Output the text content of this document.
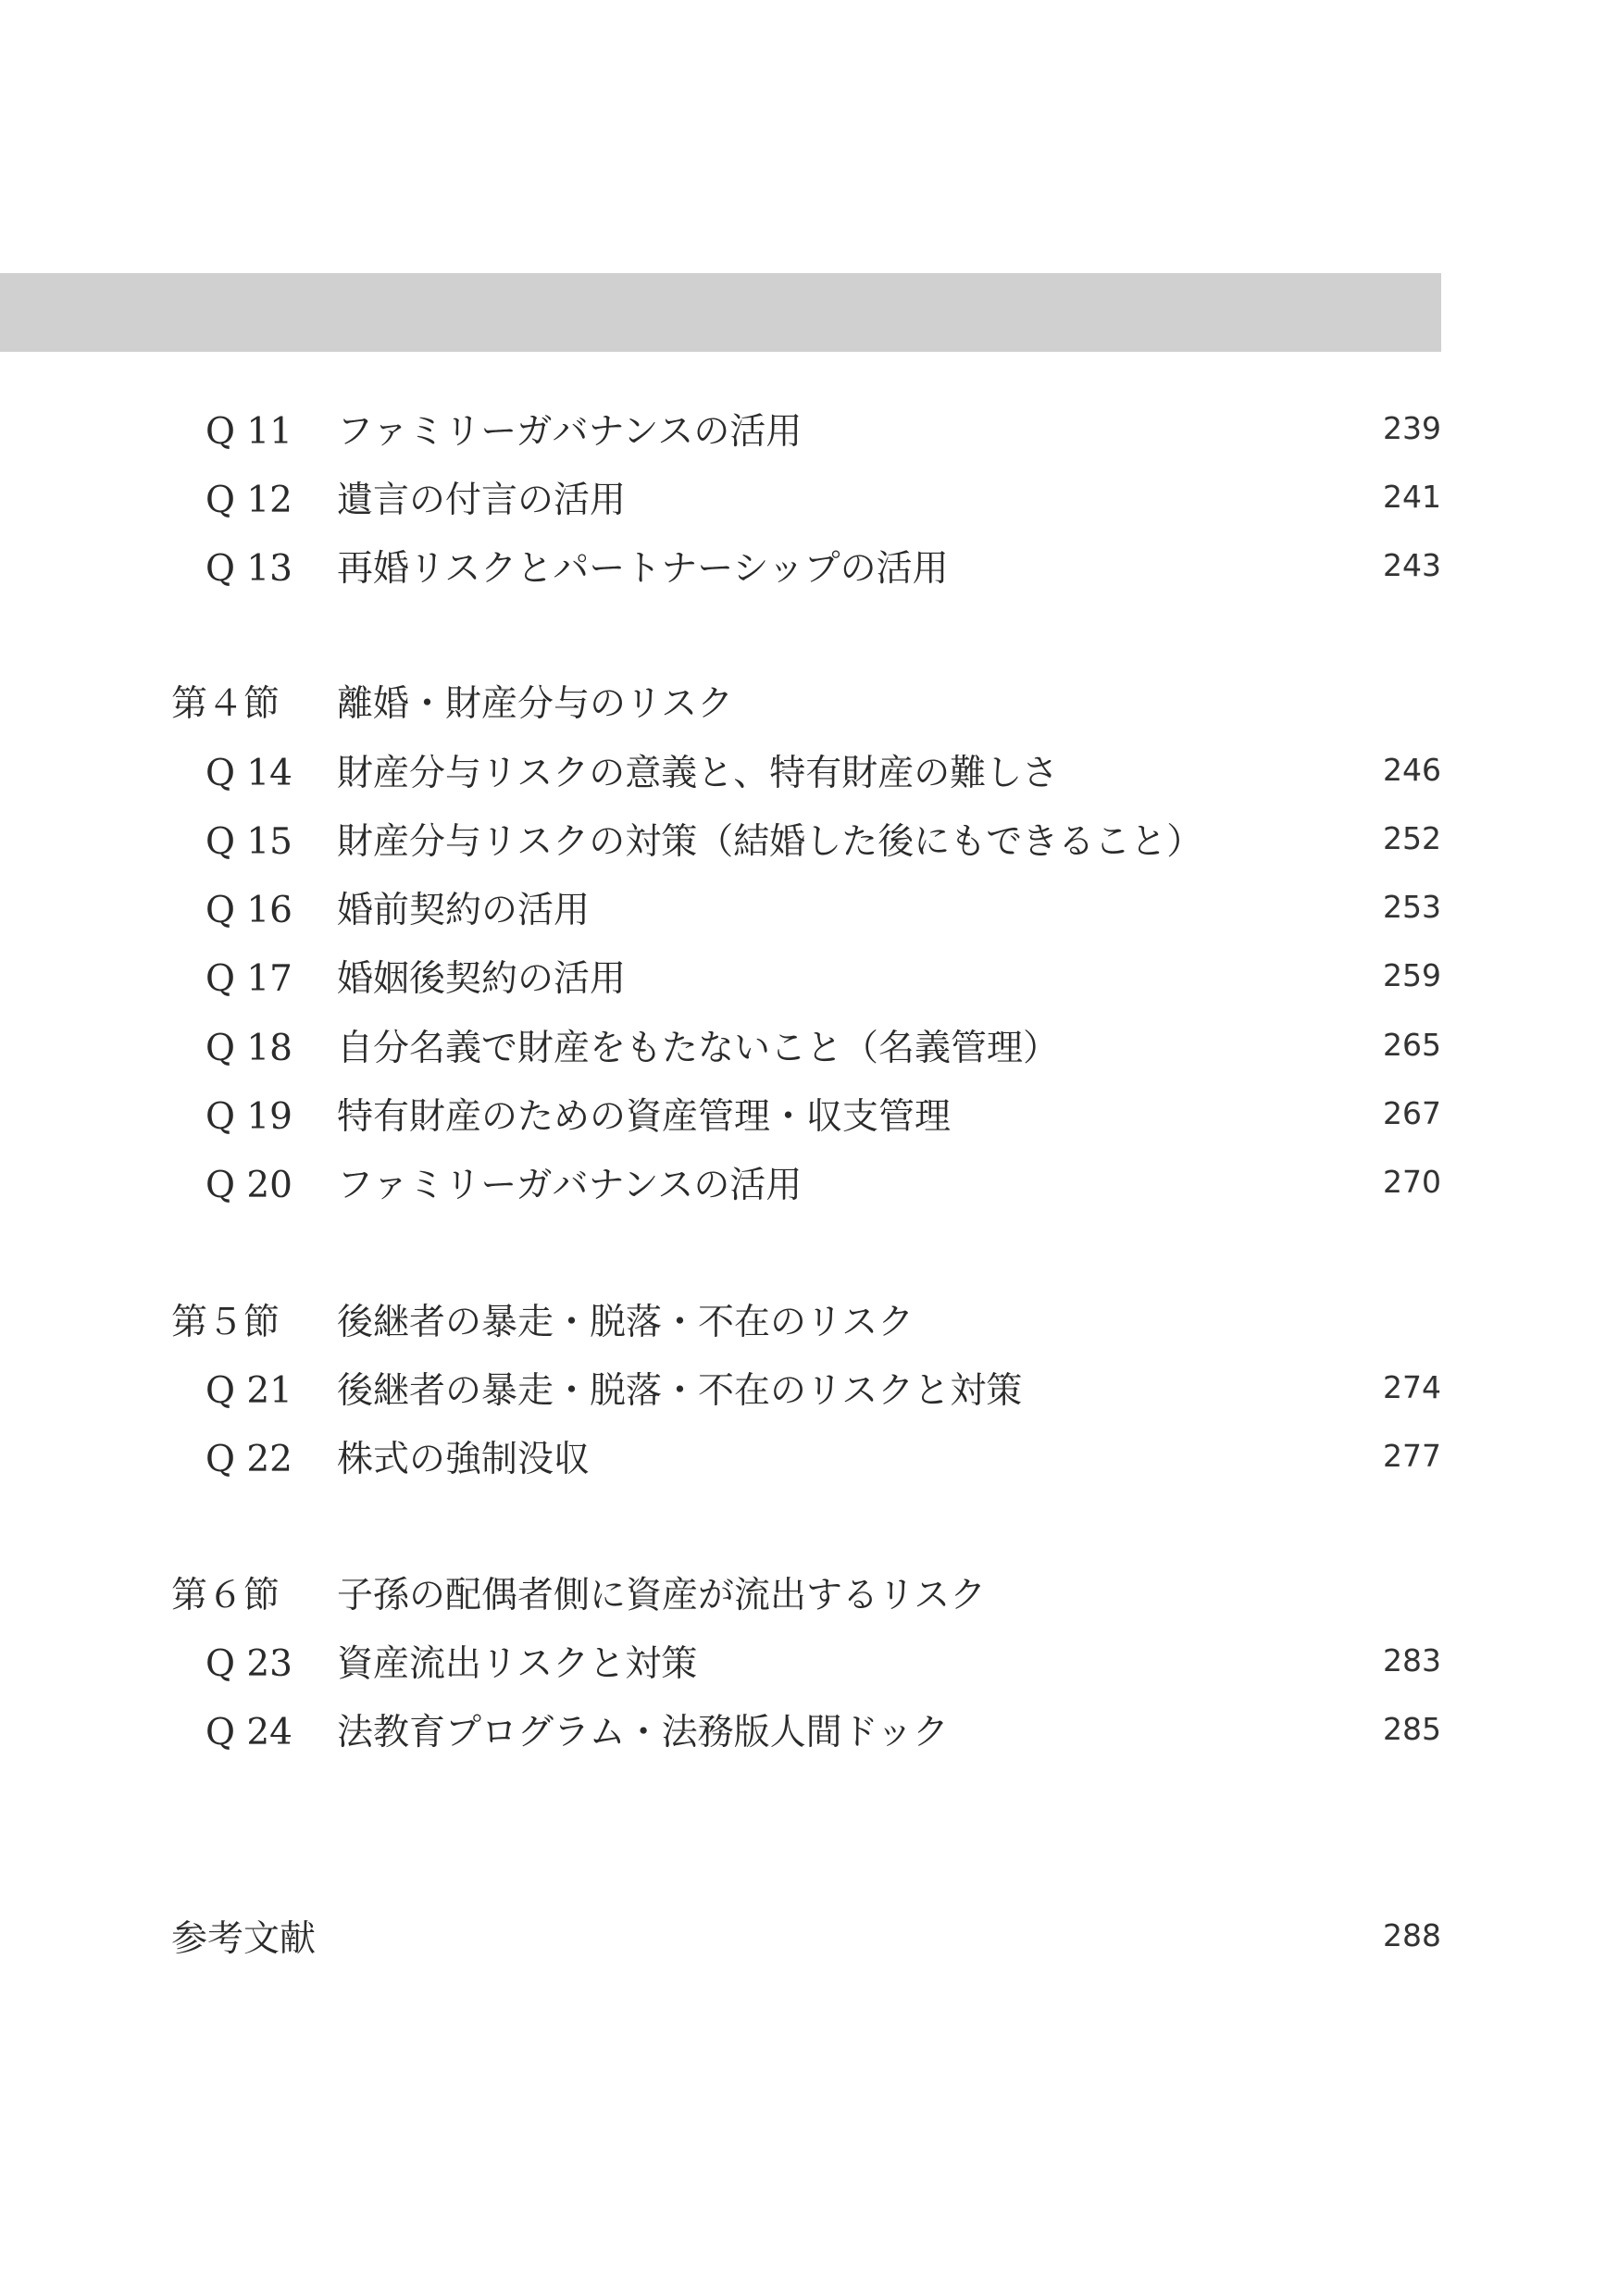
Q 11 ファミリーガバナンスの活用	239
Q 12 遺言の付言の活用	241
Q 13 再婚リスクとパートナーシップの活用	243
第４節 離婚・財産分与のリスク
Q 14 財産分与リスクの意義と、特有財産の難しさ	246
Q 15 財産分与リスクの対策（結婚した後にもできること）	252
Q 16 婚前契約の活用	253
Q 17 婚姻後契約の活用	259
Q 18 自分名義で財産をもたないこと（名義管理）	265
Q 19 特有財産のための資産管理・収支管理	267
Q 20 ファミリーガバナンスの活用	270
第５節 後継者の暴走・脱落・不在のリスク
Q 21 後継者の暴走・脱落・不在のリスクと対策	274
Q 22 株式の強制没収	277
第６節 子孫の配偶者側に資産が流出するリスク
Q 23 資産流出リスクと対策	283
Q 24 法教育プログラム・法務版人間ドック	285
参考文献	288
